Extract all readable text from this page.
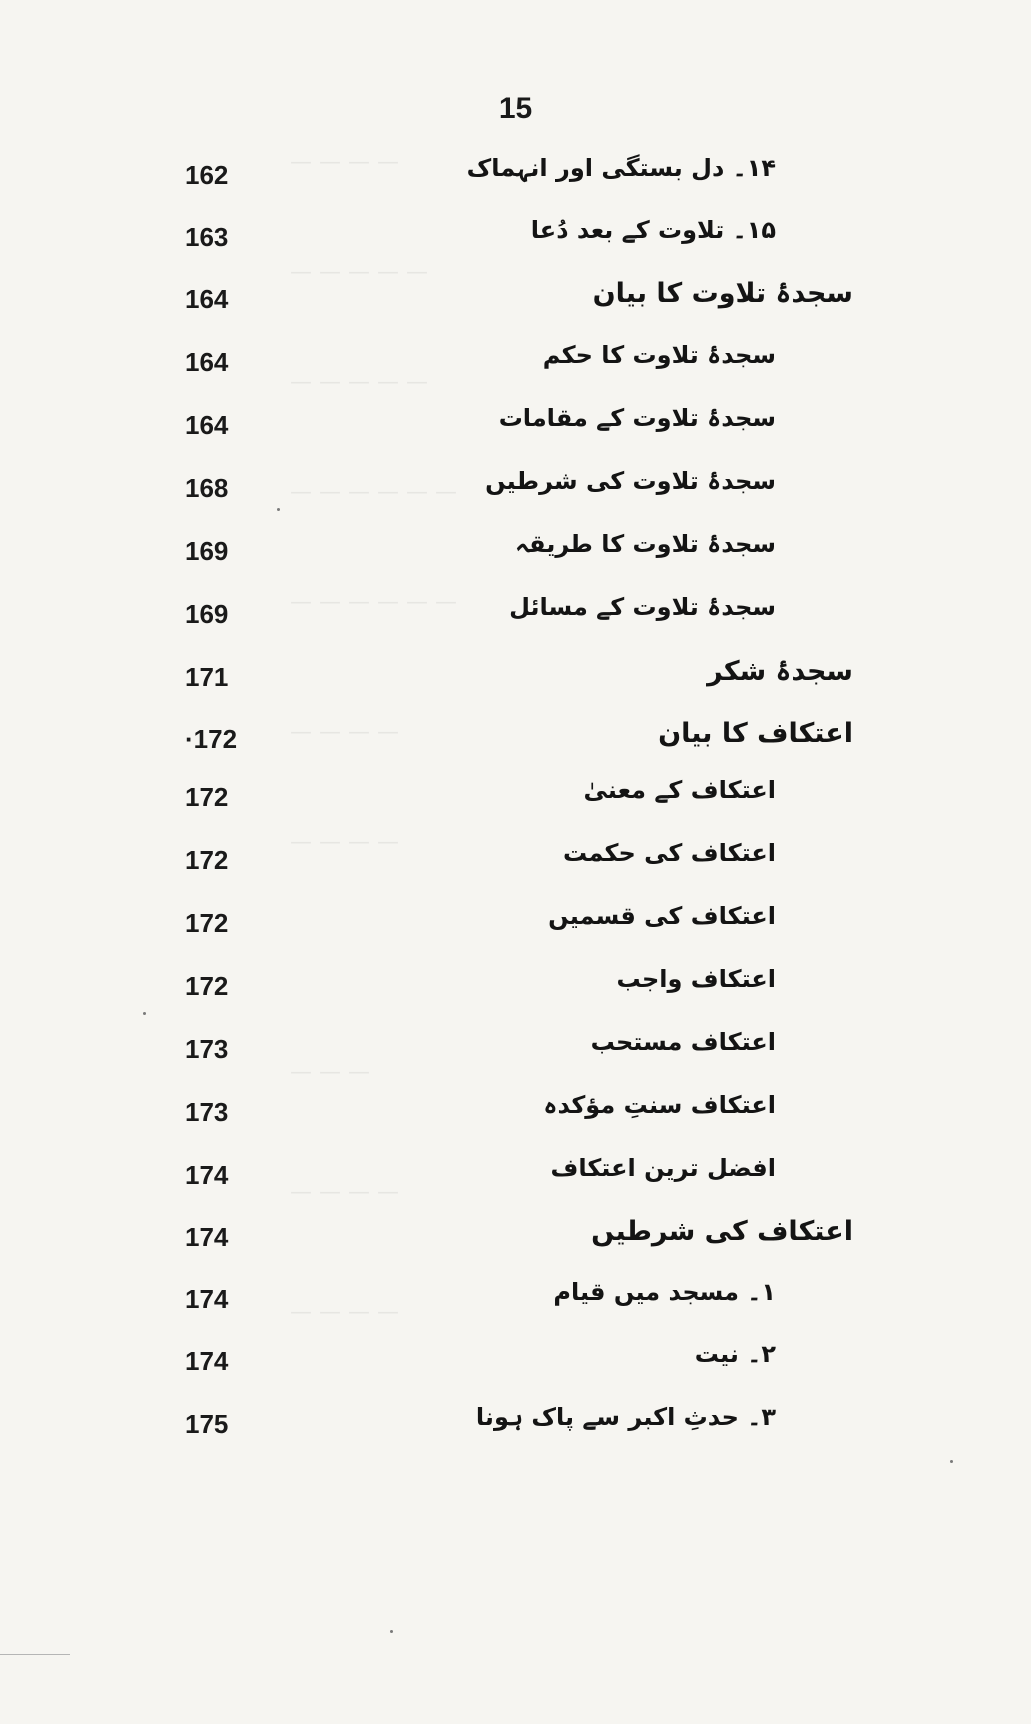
— — — —
— — — — —
— — — — —
— — — — — —
— — — — — —
— — — —
— — — —
— — —
— — — —
— — — —
15
162	۱۴۔ دل بستگی اور انہماک
163	۱۵۔ تلاوت کے بعد دُعا
164	سجدۂ تلاوت کا بیان
164	سجدۂ تلاوت کا حکم
164	سجدۂ تلاوت کے مقامات
168	سجدۂ تلاوت کی شرطیں
169	سجدۂ تلاوت کا طریقہ
169	سجدۂ تلاوت کے مسائل
171	سجدۂ شکر
·172	اعتکاف کا بیان
172	اعتکاف کے معنیٰ
172	اعتکاف کی حکمت
172	اعتکاف کی قسمیں
172	اعتکاف واجب
173	اعتکاف مستحب
173	اعتکاف سنتِ مؤکدہ
174	افضل ترین اعتکاف
174	اعتکاف کی شرطیں
174	۱۔ مسجد میں قیام
174	۲۔ نیت
175	۳۔ حدثِ اکبر سے پاک ہونا
